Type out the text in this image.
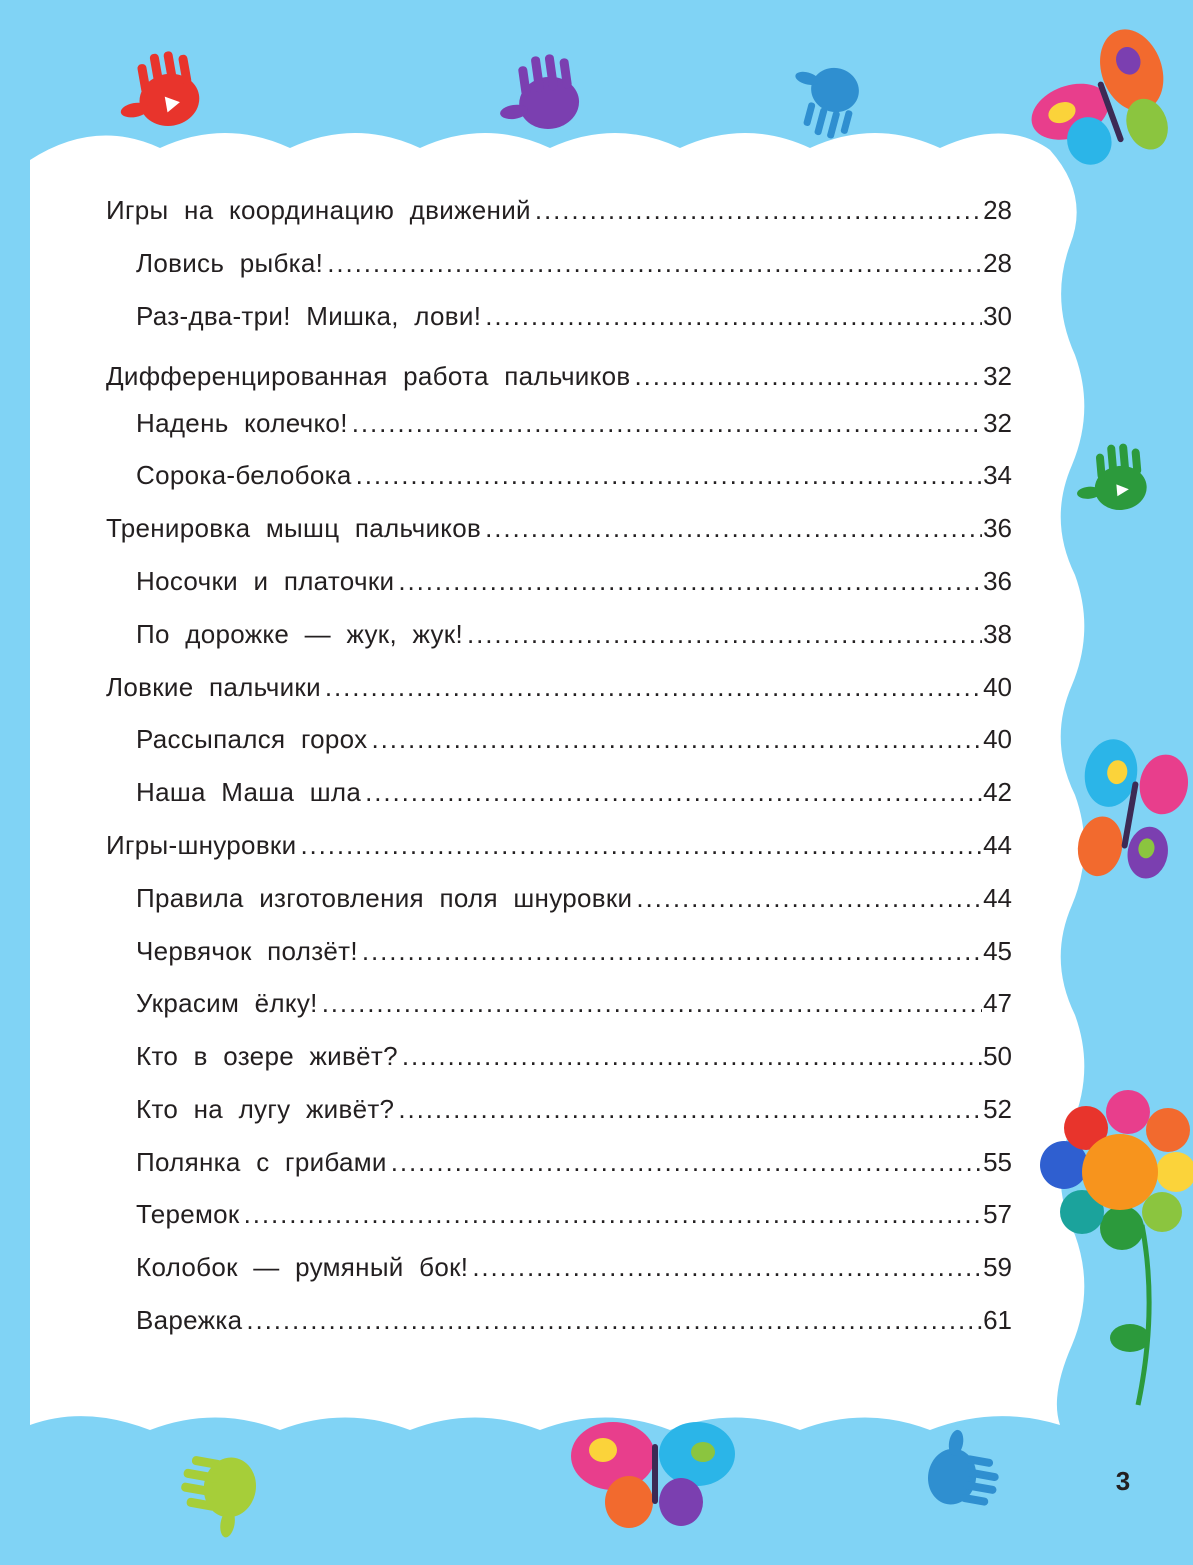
Игры на координацию движений .....	28
Ловись рыбка! .....	28
Раз-два-три! Мишка, лови! .....	30
Дифференцированная работа пальчиков .....	32
Надень колечко! .....	32
Сорока-белобока .....	34
Тренировка мышц пальчиков .....	36
Носочки и платочки .....	36
По дорожке — жук, жук! .....	38
Ловкие пальчики .....	40
Рассыпался горох .....	40
Наша Маша шла .....	42
Игры-шнуровки .....	44
Правила изготовления поля шнуровки .....	44
Червячок ползёт! .....	45
Украсим ёлку! .....	47
Кто в озере живёт? .....	50
Кто на лугу живёт? .....	52
Полянка с грибами .....	55
Теремок .....	57
Колобок — румяный бок! .....	59
Варежка .....	61
3
